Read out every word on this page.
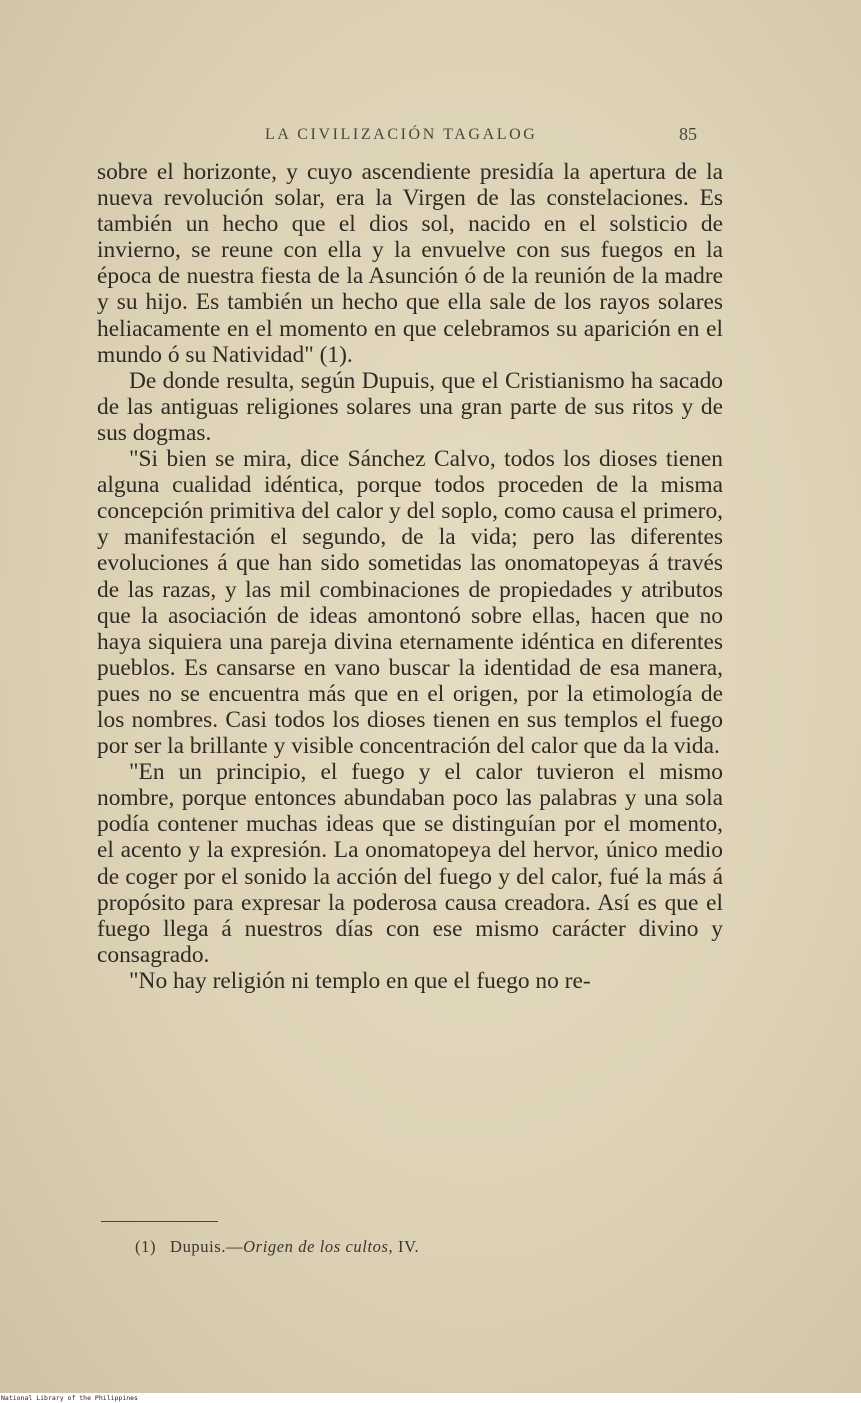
LA CIVILIZACIÓN TAGALOG	85

sobre el horizonte, y cuyo ascendiente presidía la apertura de la nueva revolución solar, era la Virgen de las constelaciones. Es también un hecho que el dios sol, nacido en el solsticio de invierno, se reune con ella y la envuelve con sus fuegos en la época de nuestra fiesta de la Asunción ó de la reunión de la madre y su hijo. Es también un hecho que ella sale de los rayos solares heliacamente en el momento en que celebramos su aparición en el mundo ó su Natividad" (1).

De donde resulta, según Dupuis, que el Cristianismo ha sacado de las antiguas religiones solares una gran parte de sus ritos y de sus dogmas.

"Si bien se mira, dice Sánchez Calvo, todos los dioses tienen alguna cualidad idéntica, porque todos proceden de la misma concepción primitiva del calor y del soplo, como causa el primero, y manifestación el segundo, de la vida; pero las diferentes evoluciones á que han sido sometidas las onomatopeyas á través de las razas, y las mil combinaciones de propiedades y atributos que la asociación de ideas amontonó sobre ellas, hacen que no haya siquiera una pareja divina eternamente idéntica en diferentes pueblos. Es cansarse en vano buscar la identidad de esa manera, pues no se encuentra más que en el origen, por la etimología de los nombres. Casi todos los dioses tienen en sus templos el fuego por ser la brillante y visible concentración del calor que da la vida.

"En un principio, el fuego y el calor tuvieron el mismo nombre, porque entonces abundaban poco las palabras y una sola podía contener muchas ideas que se distinguían por el momento, el acento y la expresión. La onomatopeya del hervor, único medio de coger por el sonido la acción del fuego y del calor, fué la más á propósito para expresar la poderosa causa creadora. Así es que el fuego llega á nuestros días con ese mismo carácter divino y consagrado.

"No hay religión ni templo en que el fuego no re-

(1) Dupuis.—Origen de los cultos, IV.
National Library of the Philippines
